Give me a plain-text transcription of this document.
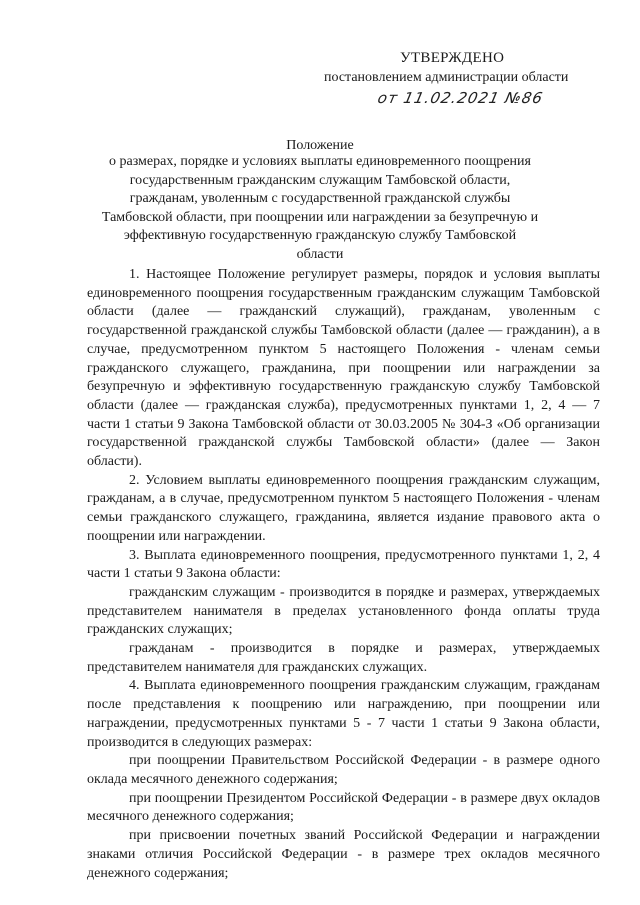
УТВЕРЖДЕНО
постановлением администрации области
от 11.02.2021 №86
Положение
о размерах, порядке и условиях выплаты единовременного поощрения государственным гражданским служащим Тамбовской области, гражданам, уволенным с государственной гражданской службы Тамбовской области, при поощрении или награждении за безупречную и эффективную государственную гражданскую службу Тамбовской области

1. Настоящее Положение регулирует размеры, порядок и условия выплаты единовременного поощрения государственным гражданским служащим Тамбовской области (далее — гражданский служащий), гражданам, уволенным с государственной гражданской службы Тамбовской области (далее — гражданин), а в случае, предусмотренном пунктом 5 настоящего Положения - членам семьи гражданского служащего, гражданина, при поощрении или награждении за безупречную и эффективную государственную гражданскую службу Тамбовской области (далее — гражданская служба), предусмотренных пунктами 1, 2, 4 — 7 части 1 статьи 9 Закона Тамбовской области от 30.03.2005 № 304-З «Об организации государственной гражданской службы Тамбовской области» (далее — Закон области).

2. Условием выплаты единовременного поощрения гражданским служащим, гражданам, а в случае, предусмотренном пунктом 5 настоящего Положения - членам семьи гражданского служащего, гражданина, является издание правового акта о поощрении или награждении.

3. Выплата единовременного поощрения, предусмотренного пунктами 1, 2, 4 части 1 статьи 9 Закона области:

гражданским служащим - производится в порядке и размерах, утверждаемых представителем нанимателя в пределах установленного фонда оплаты труда гражданских служащих;

гражданам - производится в порядке и размерах, утверждаемых представителем нанимателя для гражданских служащих.

4. Выплата единовременного поощрения гражданским служащим, гражданам после представления к поощрению или награждению, при поощрении или награждении, предусмотренных пунктами 5 - 7 части 1 статьи 9 Закона области, производится в следующих размерах:

при поощрении Правительством Российской Федерации - в размере одного оклада месячного денежного содержания;

при поощрении Президентом Российской Федерации - в размере двух окладов месячного денежного содержания;

при присвоении почетных званий Российской Федерации и награждении знаками отличия Российской Федерации - в размере трех окладов месячного денежного содержания;
